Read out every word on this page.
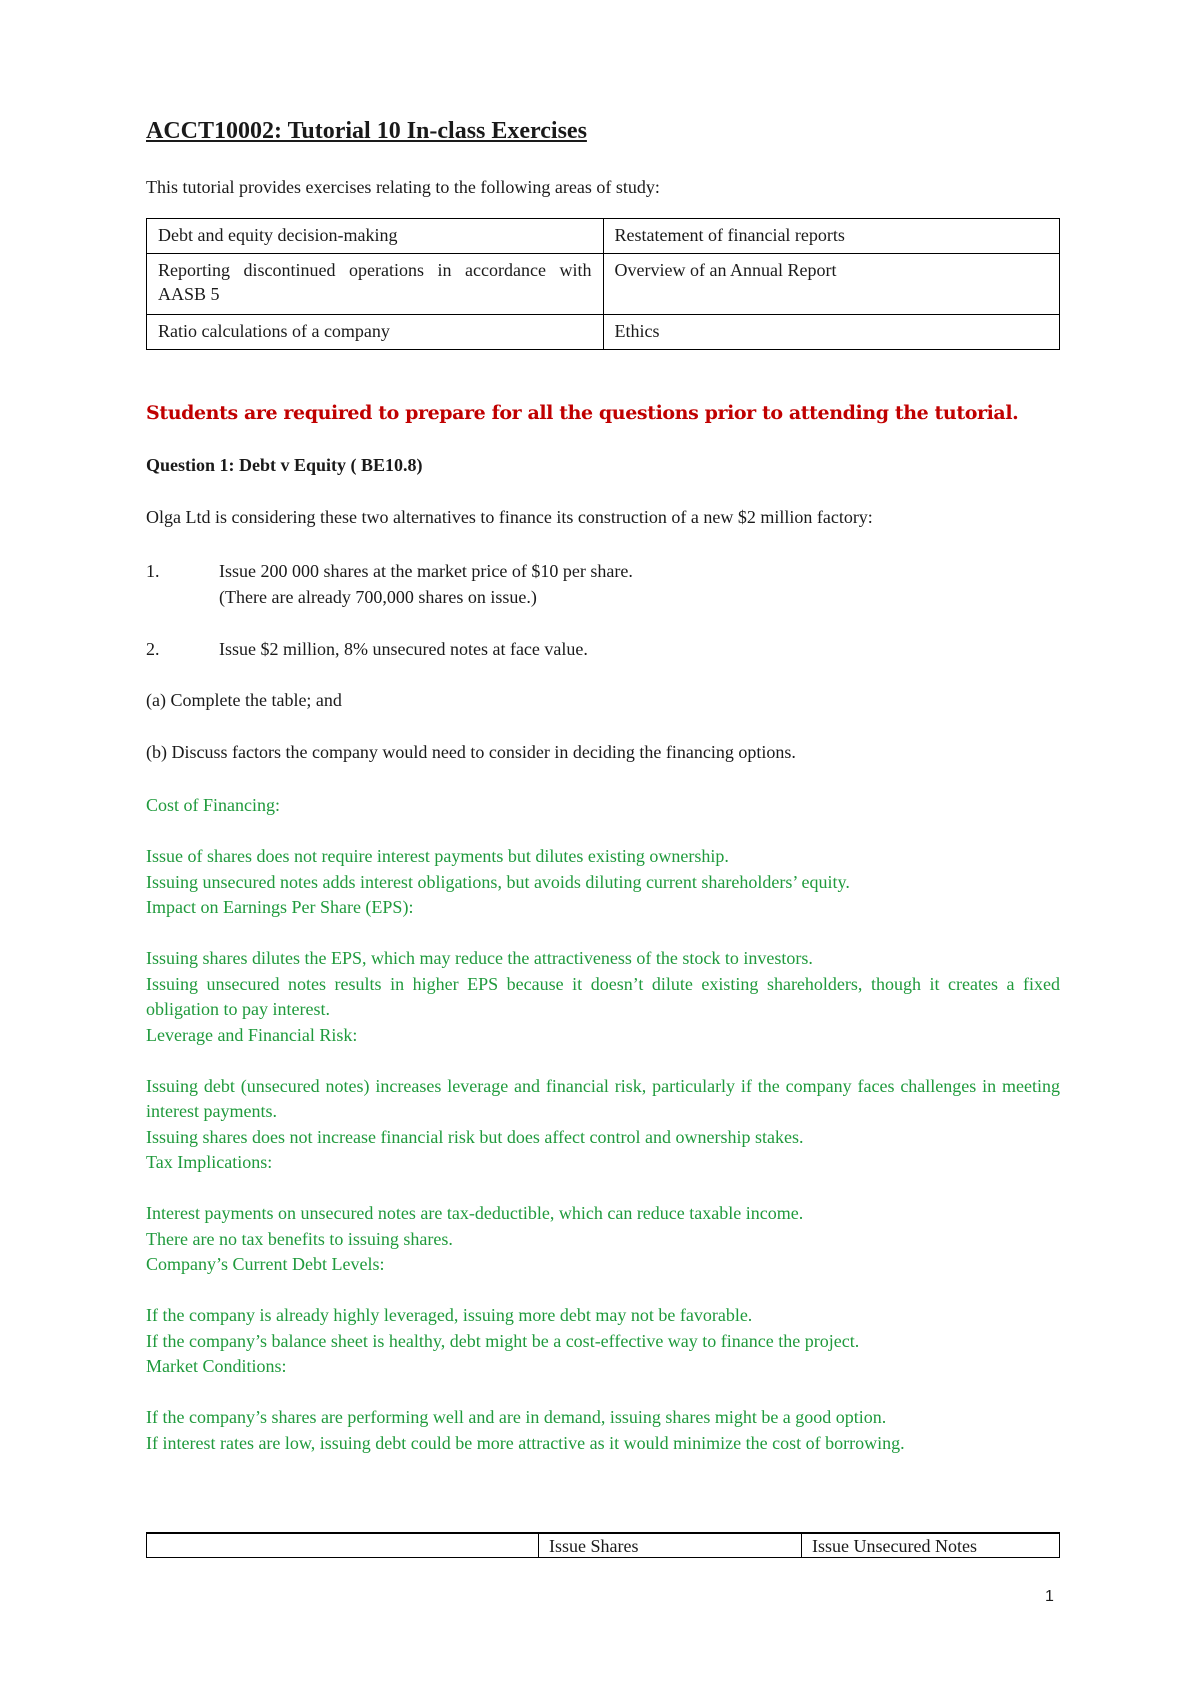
ACCT10002: Tutorial 10 In-class Exercises

This tutorial provides exercises relating to the following areas of study:

Debt and equity decision-making	Restatement of financial reports
Reporting discontinued operations in accordance with AASB 5	Overview of an Annual Report
Ratio calculations of a company	Ethics

Students are required to prepare for all the questions prior to attending the tutorial.

Question 1: Debt v Equity ( BE10.8)

Olga Ltd is considering these two alternatives to finance its construction of a new $2 million factory:

1.	Issue 200 000 shares at the market price of $10 per share.
(There are already 700,000 shares on issue.)
2.	Issue $2 million, 8% unsecured notes at face value.

(a) Complete the table; and

(b) Discuss factors the company would need to consider in deciding the financing options.

Cost of Financing:

Issue of shares does not require interest payments but dilutes existing ownership.

Issuing unsecured notes adds interest obligations, but avoids diluting current shareholders’ equity.

Impact on Earnings Per Share (EPS):

Issuing shares dilutes the EPS, which may reduce the attractiveness of the stock to investors.

Issuing unsecured notes results in higher EPS because it doesn’t dilute existing shareholders, though it creates a fixed obligation to pay interest.

Leverage and Financial Risk:

Issuing debt (unsecured notes) increases leverage and financial risk, particularly if the company faces challenges in meeting interest payments.

Issuing shares does not increase financial risk but does affect control and ownership stakes.

Tax Implications:

Interest payments on unsecured notes are tax-deductible, which can reduce taxable income.

There are no tax benefits to issuing shares.

Company’s Current Debt Levels:

If the company is already highly leveraged, issuing more debt may not be favorable.

If the company’s balance sheet is healthy, debt might be a cost-effective way to finance the project.

Market Conditions:

If the company’s shares are performing well and are in demand, issuing shares might be a good option.

If interest rates are low, issuing debt could be more attractive as it would minimize the cost of borrowing.

	Issue Shares	Issue Unsecured Notes

1
